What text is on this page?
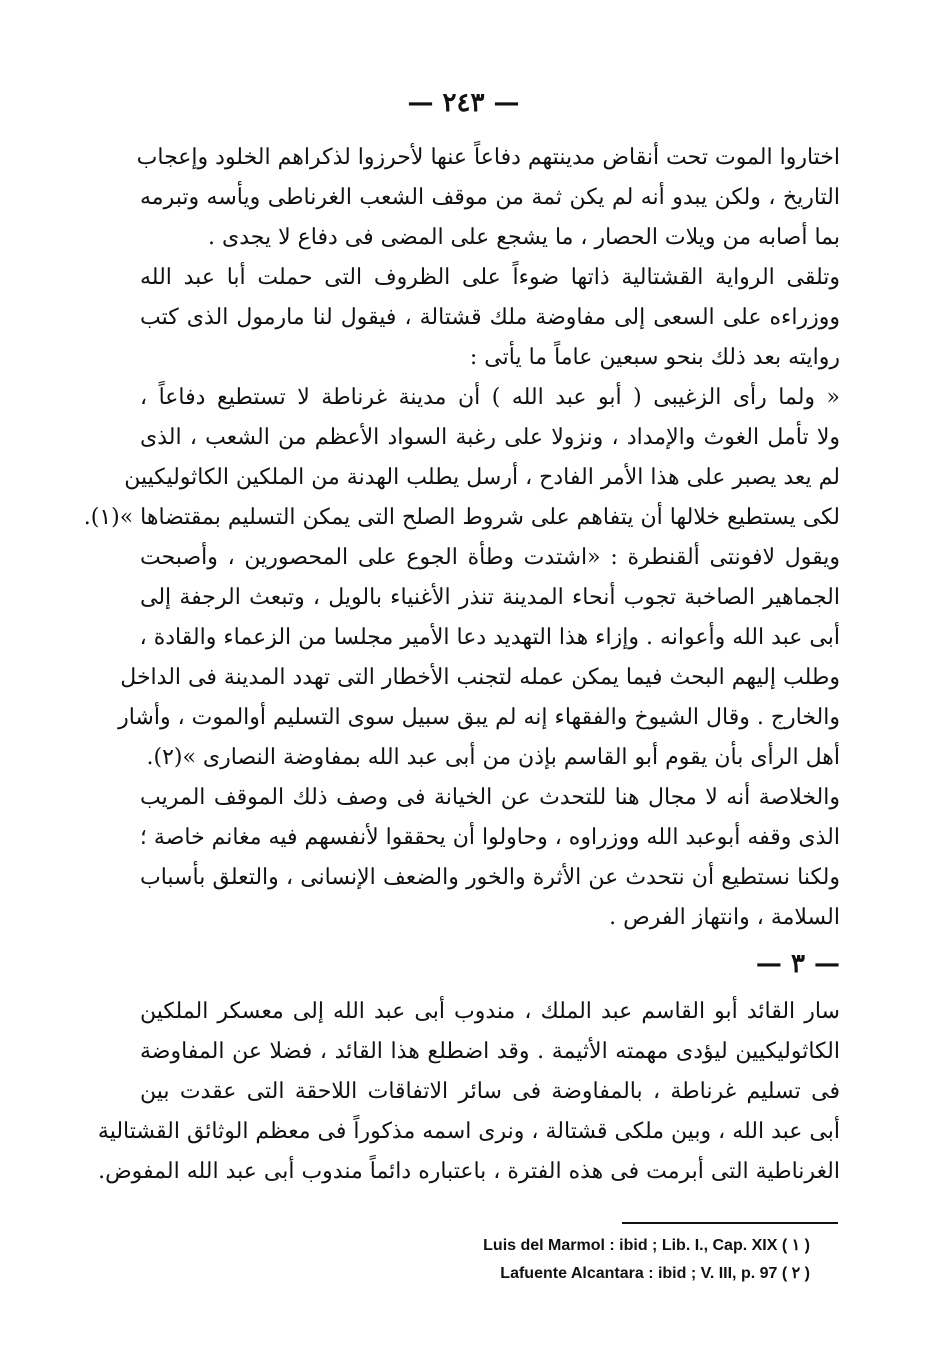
— ٢٤٣ —
اختاروا الموت تحت أنقاض مدينتهم دفاعاً عنها لأحرزوا لذكراهم الخلود وإعجاب
التاريخ ، ولكن يبدو أنه لم يكن ثمة من موقف الشعب الغرناطى ويأسه وتبرمه
بما أصابه من ويلات الحصار ، ما يشجع على المضى فى دفاع لا يجدى .
وتلقى الرواية القشتالية ذاتها ضوءاً على الظروف التى حملت أبا عبد الله
ووزراءه على السعى إلى مفاوضة ملك قشتالة ، فيقول لنا مارمول الذى كتب
روايته بعد ذلك بنحو سبعين عاماً ما يأتى :
« ولما رأى الزغيبى ( أبو عبد الله ) أن مدينة غرناطة لا تستطيع دفاعاً ،
ولا تأمل الغوث والإمداد ، ونزولا على رغبة السواد الأعظم من الشعب ، الذى
لم يعد يصبر على هذا الأمر الفادح ، أرسل يطلب الهدنة من الملكين الكاثوليكيين
لكى يستطيع خلالها أن يتفاهم على شروط الصلح التى يمكن التسليم بمقتضاها »(١).
ويقول لافونتى ألقنطرة : «اشتدت وطأة الجوع على المحصورين ، وأصبحت
الجماهير الصاخبة تجوب أنحاء المدينة تنذر الأغنياء بالويل ، وتبعث الرجفة إلى
أبى عبد الله وأعوانه . وإزاء هذا التهديد دعا الأمير مجلسا من الزعماء والقادة ،
وطلب إليهم البحث فيما يمكن عمله لتجنب الأخطار التى تهدد المدينة فى الداخل
والخارج . وقال الشيوخ والفقهاء إنه لم يبق سبيل سوى التسليم أوالموت ، وأشار
أهل الرأى بأن يقوم أبو القاسم بإذن من أبى عبد الله بمفاوضة النصارى »(٢).
والخلاصة أنه لا مجال هنا للتحدث عن الخيانة فى وصف ذلك الموقف المريب
الذى وقفه أبوعبد الله ووزراوه ، وحاولوا أن يحققوا لأنفسهم فيه مغانم خاصة ؛
ولكنا نستطيع أن نتحدث عن الأثرة والخور والضعف الإنسانى ، والتعلق بأسباب
السلامة ، وانتهاز الفرص .
— ٣ —
سار القائد أبو القاسم عبد الملك ، مندوب أبى عبد الله إلى معسكر الملكين
الكاثوليكيين ليؤدى مهمته الأثيمة . وقد اضطلع هذا القائد ، فضلا عن المفاوضة
فى تسليم غرناطة ، بالمفاوضة فى سائر الاتفاقات اللاحقة التى عقدت بين
أبى عبد الله ، وبين ملكى قشتالة ، ونرى اسمه مذكوراً فى معظم الوثائق القشتالية
الغرناطية التى أبرمت فى هذه الفترة ، باعتباره دائماً مندوب أبى عبد الله المفوض.
Luis del Marmol : ibid ; Lib. I., Cap. XIX ( ١ )
Lafuente Alcantara : ibid ; V. III, p. 97 ( ٢ )
